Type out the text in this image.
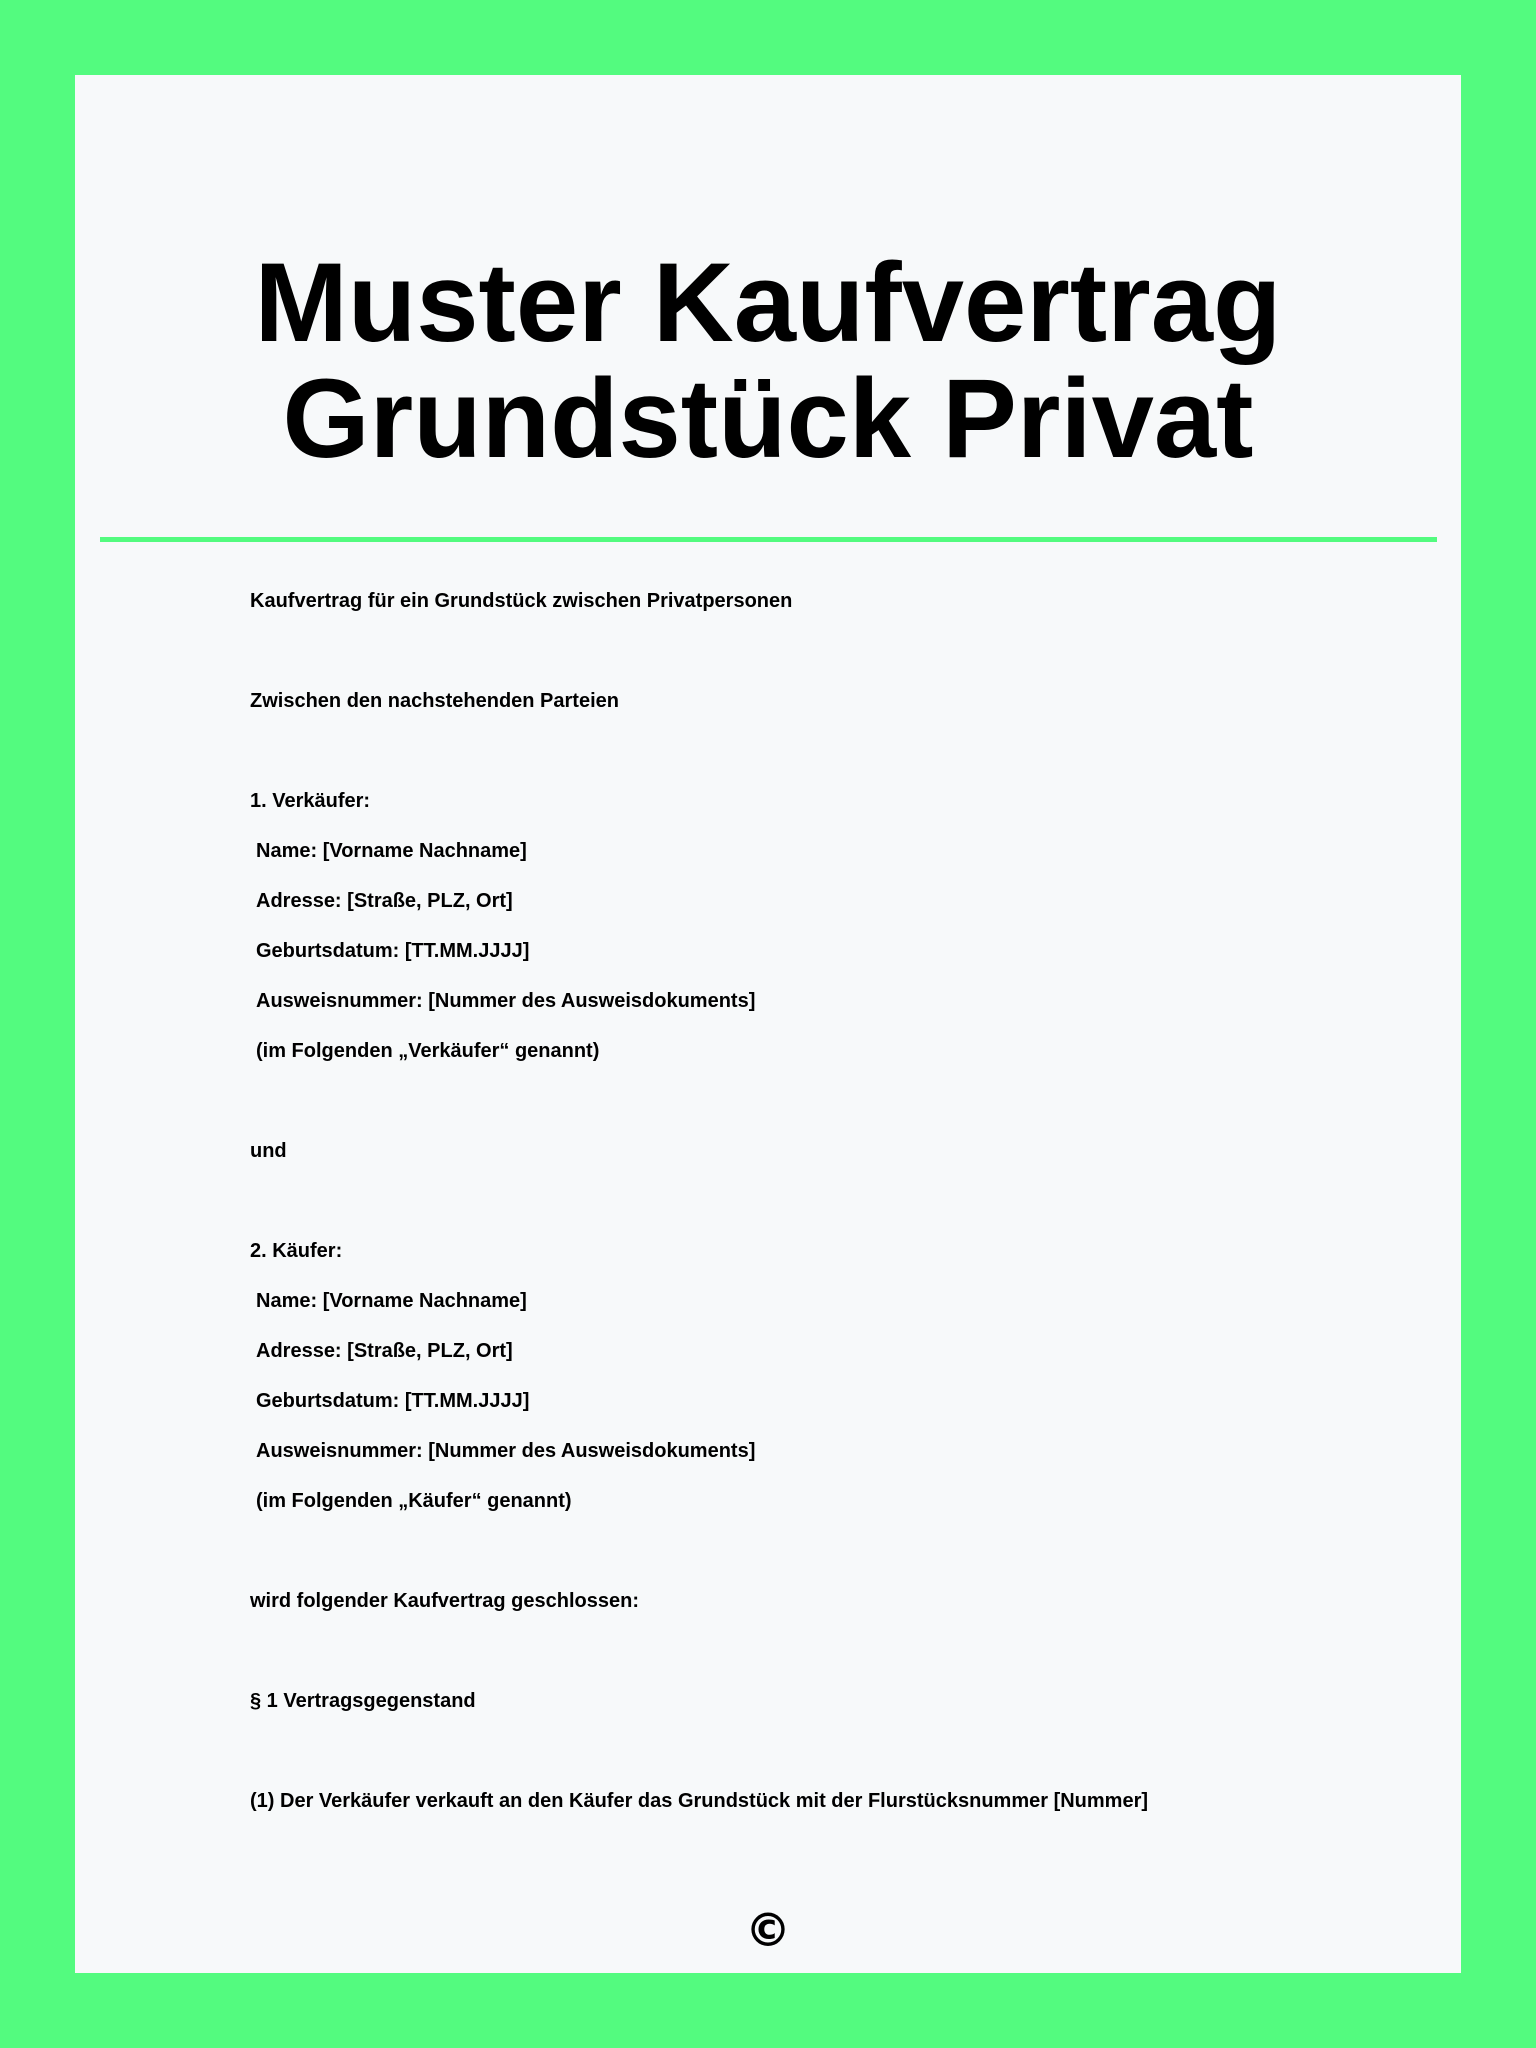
Muster Kaufvertrag
Grundstück Privat
Kaufvertrag für ein Grundstück zwischen Privatpersonen
Zwischen den nachstehenden Parteien
1. Verkäufer:
Name: [Vorname Nachname]
Adresse: [Straße, PLZ, Ort]
Geburtsdatum: [TT.MM.JJJJ]
Ausweisnummer: [Nummer des Ausweisdokuments]
(im Folgenden „Verkäufer“ genannt)
und
2. Käufer:
Name: [Vorname Nachname]
Adresse: [Straße, PLZ, Ort]
Geburtsdatum: [TT.MM.JJJJ]
Ausweisnummer: [Nummer des Ausweisdokuments]
(im Folgenden „Käufer“ genannt)
wird folgender Kaufvertrag geschlossen:
§ 1 Vertragsgegenstand
(1) Der Verkäufer verkauft an den Käufer das Grundstück mit der Flurstücksnummer [Nummer]
©
